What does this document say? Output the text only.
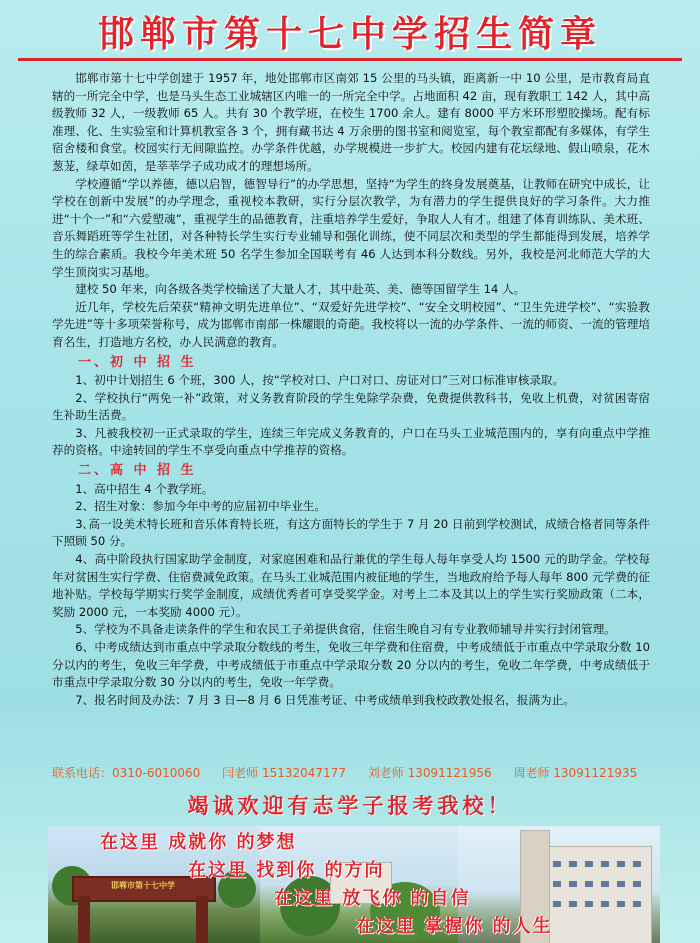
邯郸市第十七中学招生简章

邯郸市第十七中学创建于 1957 年，地处邯郸市区南郊 15 公里的马头镇，距离新一中 10 公里，是市教育局直辖的一所完全中学，也是马头生态工业城辖区内唯一的一所完全中学。占地面积 42 亩，现有教职工 142 人，其中高级教师 32 人，一级教师 65 人。共有 30 个教学班，在校生 1700 余人。建有 8000 平方米环形塑胶操场。配有标准理、化、生实验室和计算机教室各 3 个，拥有藏书达 4 万余册的图书室和阅览室，每个教室都配有多媒体，有学生宿舍楼和食堂。校园实行无间隙监控。办学条件优越，办学规模进一步扩大。校园内建有花坛绿地、假山喷泉，花木葱茏，绿草如茵，是莘莘学子成功成才的理想场所。

学校遵循“学以养德，德以启智，德智导行”的办学思想，坚持“为学生的终身发展奠基，让教师在研究中成长，让学校在创新中发展”的办学理念，重视校本教研，实行分层次教学，为有潜力的学生提供良好的学习条件。大力推进“十个一”和“六爱塑魂”，重视学生的品德教育，注重培养学生爱好，争取人人有才。组建了体育训练队、美术班、音乐舞蹈班等学生社团，对各种特长学生实行专业辅导和强化训练，使不同层次和类型的学生都能得到发展，培养学生的综合素质。我校今年美术班 50 名学生参加全国联考有 46 人达到本科分数线。另外，我校是河北师范大学的大学生顶岗实习基地。

建校 50 年来，向各级各类学校输送了大量人才，其中赴英、美、德等国留学生 14 人。

近几年，学校先后荣获“精神文明先进单位”、“双爱好先进学校”、“安全文明校园”、“卫生先进学校”、“实验教学先进”等十多项荣誉称号，成为邯郸市南部一株耀眼的奇葩。我校将以一流的办学条件、一流的师资、一流的管理培育名生，打造地方名校，办人民满意的教育。

一、初 中 招 生

1、初中计划招生 6 个班，300 人，按“学校对口、户口对口、房证对口”三对口标准审核录取。

2、学校执行“两免一补”政策，对义务教育阶段的学生免除学杂费，免费提供教科书，免收上机费，对贫困寄宿生补助生活费。

3、凡被我校初一正式录取的学生，连续三年完成义务教育的，户口在马头工业城范围内的，享有向重点中学推荐的资格。中途转回的学生不享受向重点中学推荐的资格。

二、高 中 招 生

1、高中招生 4 个教学班。

2、招生对象：参加今年中考的应届初中毕业生。

3､高一设美术特长班和音乐体育特长班，有这方面特长的学生于 7 月 20 日前到学校测试，成绩合格者同等条件下照顾 50 分。

4、高中阶段执行国家助学金制度，对家庭困难和品行兼优的学生每人每年享受人均 1500 元的助学金。学校每年对贫困生实行学费、住宿费减免政策。在马头工业城范围内被征地的学生，当地政府给予每人每年 800 元学费的征地补贴。学校每学期实行奖学金制度，成绩优秀者可享受奖学金。对考上二本及其以上的学生实行奖励政策（二本，奖励 2000 元，一本奖励 4000 元）。

5、学校为不具备走读条件的学生和农民工子弟提供食宿，住宿生晚自习有专业教师辅导并实行封闭管理。

6、中考成绩达到市重点中学录取分数线的考生，免收三年学费和住宿费，中考成绩低于市重点中学录取分数 10 分以内的考生，免收三年学费，中考成绩低于市重点中学录取分数 20 分以内的考生，免收二年学费，中考成绩低于市重点中学录取分数 30 分以内的考生，免收一年学费。

7、报名时间及办法：7 月 3 日—8 月 6 日凭准考证、中考成绩单到我校政教处报名，报满为止。

联系电话：0310-6010060 闫老师 15132047177 刘老师 13091121956 周老师 13091121935
竭诚欢迎有志学子报考我校！
邯郸市第十七中学
在这里 成就你 的梦想
在这里 找到你 的方向
在这里 放飞你 的自信
在这里 掌握你 的人生
